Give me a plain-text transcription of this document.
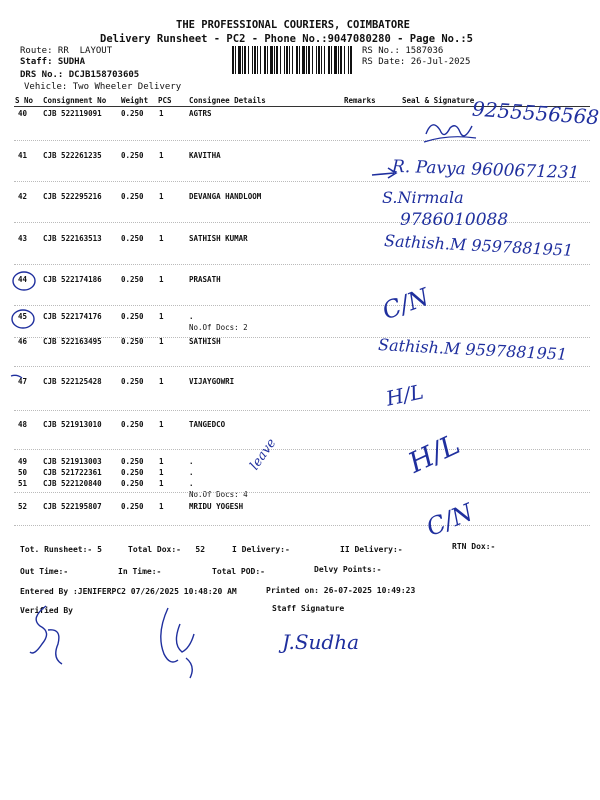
THE PROFESSIONAL COURIERS, COIMBATORE
Delivery Runsheet - PC2 - Phone No.:9047080280 - Page No.:5
Route: RR  LAYOUT
Staff: SUDHA
DRS No.: DCJB158703605
Vehicle: Two Wheeler Delivery
RS No.: 1587036
RS Date: 26-Jul-2025
S No Consignment No Weight PCS Consignee Details	Remarks	Seal & Signature
40 CJB 522119091	0.250 1	AGTRS
41 CJB 522261235	0.250 1	KAVITHA
42 CJB 522295216	0.250 1	DEVANGA HANDLOOM
43 CJB 522163513	0.250 1	SATHISH KUMAR
44 CJB 522174186	0.250 1	PRASATH
45 CJB 522174176	0.250 1	.
No.Of Docs: 2
46 CJB 522163495	0.250 1	SATHISH
47 CJB 522125428	0.250 1	VIJAYGOWRI
48 CJB 521913010	0.250 1	TANGEDCO
49 CJB 521913003	0.250 1	.
50 CJB 521722361	0.250 1	.
51 CJB 522120840	0.250 1	.
No.Of Docs: 4
52 CJB 522195807	0.250 1	MRIDU YOGESH
9255556568
R. Pavya 9600671231
S.Nirmala
9786010088
Sathish.M 9597881951
C/N
Sathish.M 9597881951
H/L
H/L
leave
C/N
Tot. Runsheet:- 5	Total Dox:-   52	I Delivery:-	II Delivery:-	RTN Dox:-
Out Time:-	In Time:-	Total POD:-	Delvy Points:-
Entered By :JENIFERPC2 07/26/2025 10:48:20 AM	Printed on: 26-07-2025 10:49:23
Verified By	Staff Signature
J.Sudha
